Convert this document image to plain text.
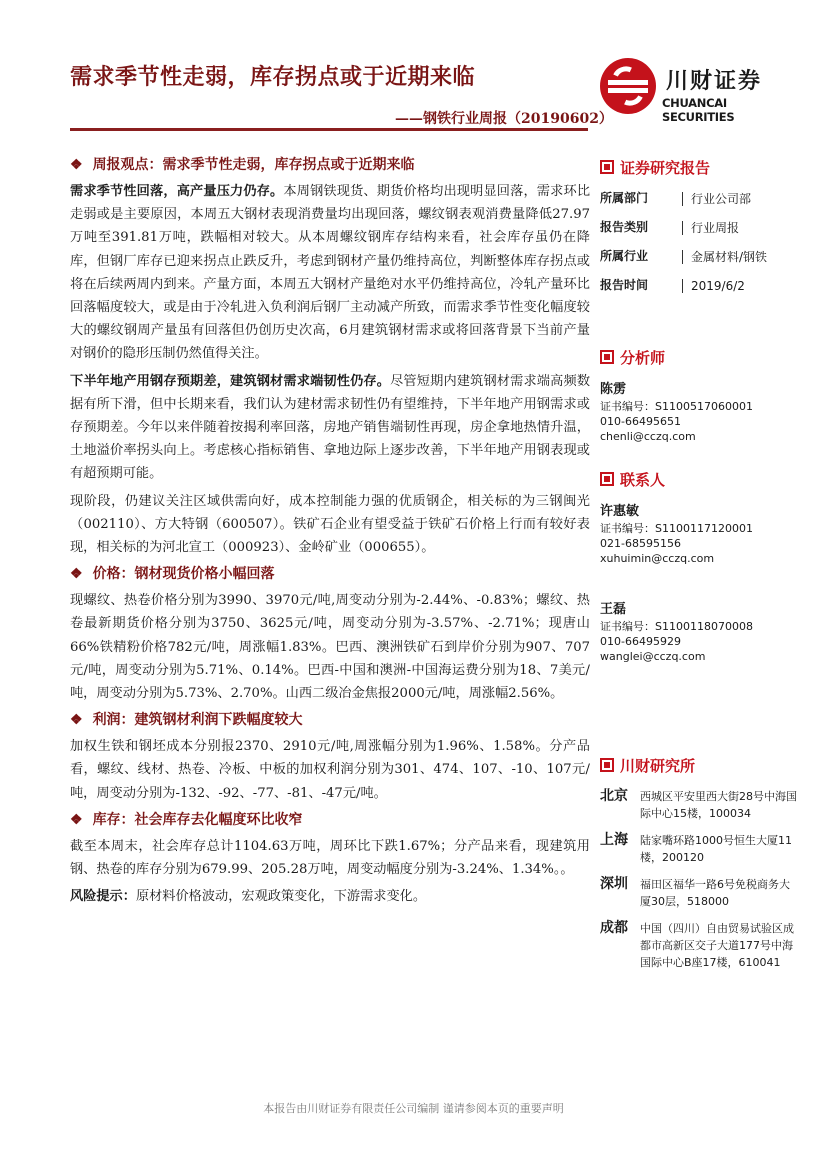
需求季节性走弱，库存拐点或于近期来临
——钢铁行业周报（20190602）
川财证券
CHUANCAI SECURITIES
❖ 周报观点：需求季节性走弱，库存拐点或于近期来临
需求季节性回落，高产量压力仍存。本周钢铁现货、期货价格均出现明显回落，需求环比走弱或是主要原因，本周五大钢材表现消费量均出现回落，螺纹钢表观消费量降低27.97万吨至391.81万吨，跌幅相对较大。从本周螺纹钢库存结构来看，社会库存虽仍在降库，但钢厂库存已迎来拐点止跌反升，考虑到钢材产量仍维持高位，判断整体库存拐点或将在后续两周内到来。产量方面，本周五大钢材产量绝对水平仍维持高位，冷轧产量环比回落幅度较大，或是由于冷轧进入负利润后钢厂主动减产所致，而需求季节性变化幅度较大的螺纹钢周产量虽有回落但仍创历史次高，6月建筑钢材需求或将回落背景下当前产量对钢价的隐形压制仍然值得关注。
下半年地产用钢存预期差，建筑钢材需求端韧性仍存。尽管短期内建筑钢材需求端高频数据有所下滑，但中长期来看，我们认为建材需求韧性仍有望维持，下半年地产用钢需求或存预期差。今年以来伴随着按揭利率回落，房地产销售端韧性再现，房企拿地热情升温，土地溢价率拐头向上。考虑核心指标销售、拿地边际上逐步改善，下半年地产用钢表现或有超预期可能。
现阶段，仍建议关注区域供需向好，成本控制能力强的优质钢企，相关标的为三钢闽光（002110）、方大特钢（600507）。铁矿石企业有望受益于铁矿石价格上行而有较好表现，相关标的为河北宣工（000923）、金岭矿业（000655）。
❖ 价格：钢材现货价格小幅回落
现螺纹、热卷价格分别为3990、3970元/吨,周变动分别为-2.44%、-0.83%；螺纹、热卷最新期货价格分别为3750、3625元/吨，周变动分别为-3.57%、-2.71%；现唐山66%铁精粉价格782元/吨，周涨幅1.83%。巴西、澳洲铁矿石到岸价分别为907、707元/吨，周变动分别为5.71%、0.14%。巴西-中国和澳洲-中国海运费分别为18、7美元/吨，周变动分别为5.73%、2.70%。山西二级冶金焦报2000元/吨，周涨幅2.56%。
❖ 利润：建筑钢材利润下跌幅度较大
加权生铁和钢坯成本分别报2370、2910元/吨,周涨幅分别为1.96%、1.58%。分产品看，螺纹、线材、热卷、冷板、中板的加权利润分别为301、474、107、-10、107元/吨，周变动分别为-132、-92、-77、-81、-47元/吨。
❖ 库存：社会库存去化幅度环比收窄
截至本周末，社会库存总计1104.63万吨，周环比下跌1.67%；分产品来看，现建筑用钢、热卷的库存分别为679.99、205.28万吨，周变动幅度分别为-3.24%、1.34%。。
风险提示：原材料价格波动，宏观政策变化，下游需求变化。
证券研究报告
所属部门	行业公司部
报告类别	行业周报
所属行业	金属材料/钢铁
报告时间	2019/6/2
分析师
陈雳
证书编号：S1100517060001
010-66495651
chenli@cczq.com
联系人
许惠敏
证书编号：S1100117120001
021-68595156
xuhuimin@cczq.com
王磊
证书编号：S1100118070008
010-66495929
wanglei@cczq.com
川财研究所
北京	西城区平安里西大街28号中海国际中心15楼，100034
上海	陆家嘴环路1000号恒生大厦11楼，200120
深圳	福田区福华一路6号免税商务大厦30层，518000
成都	中国（四川）自由贸易试验区成都市高新区交子大道177号中海国际中心B座17楼，610041
本报告由川财证券有限责任公司编制 谨请参阅本页的重要声明
